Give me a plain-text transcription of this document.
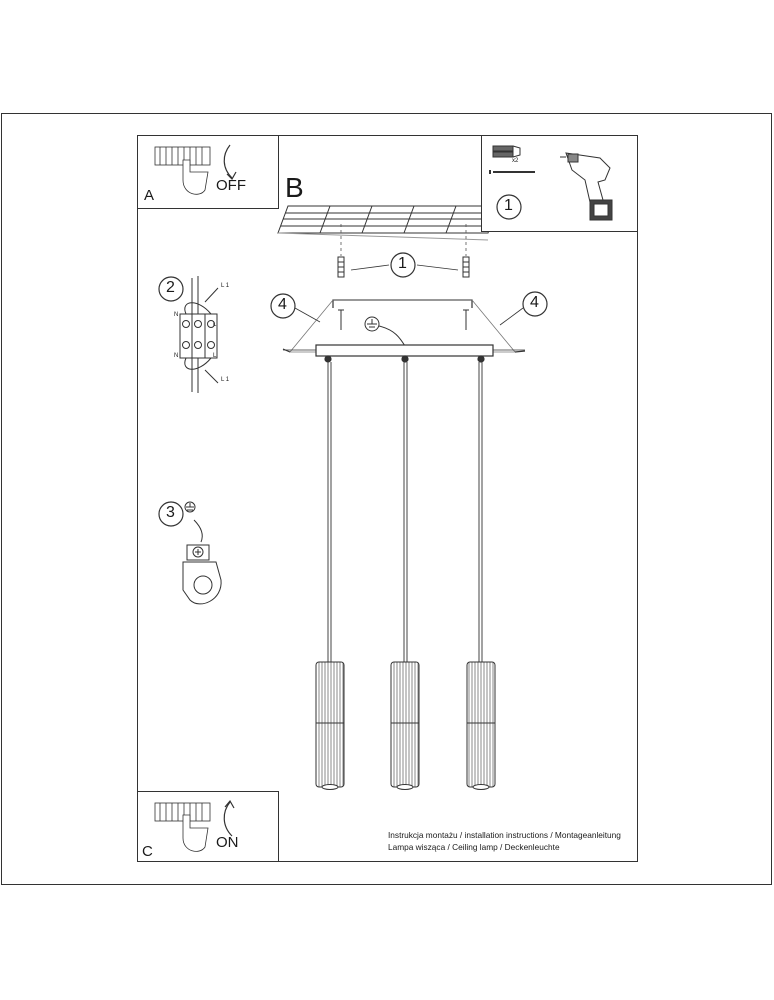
A
OFF B
C
ON
1
1
4	4
2
3
x2
L 1
L 1
N
N
L
L
Instrukcja montażu / installation instructions / Montageanleitung
Lampa wisząca / Ceiling lamp / Deckenleuchte
